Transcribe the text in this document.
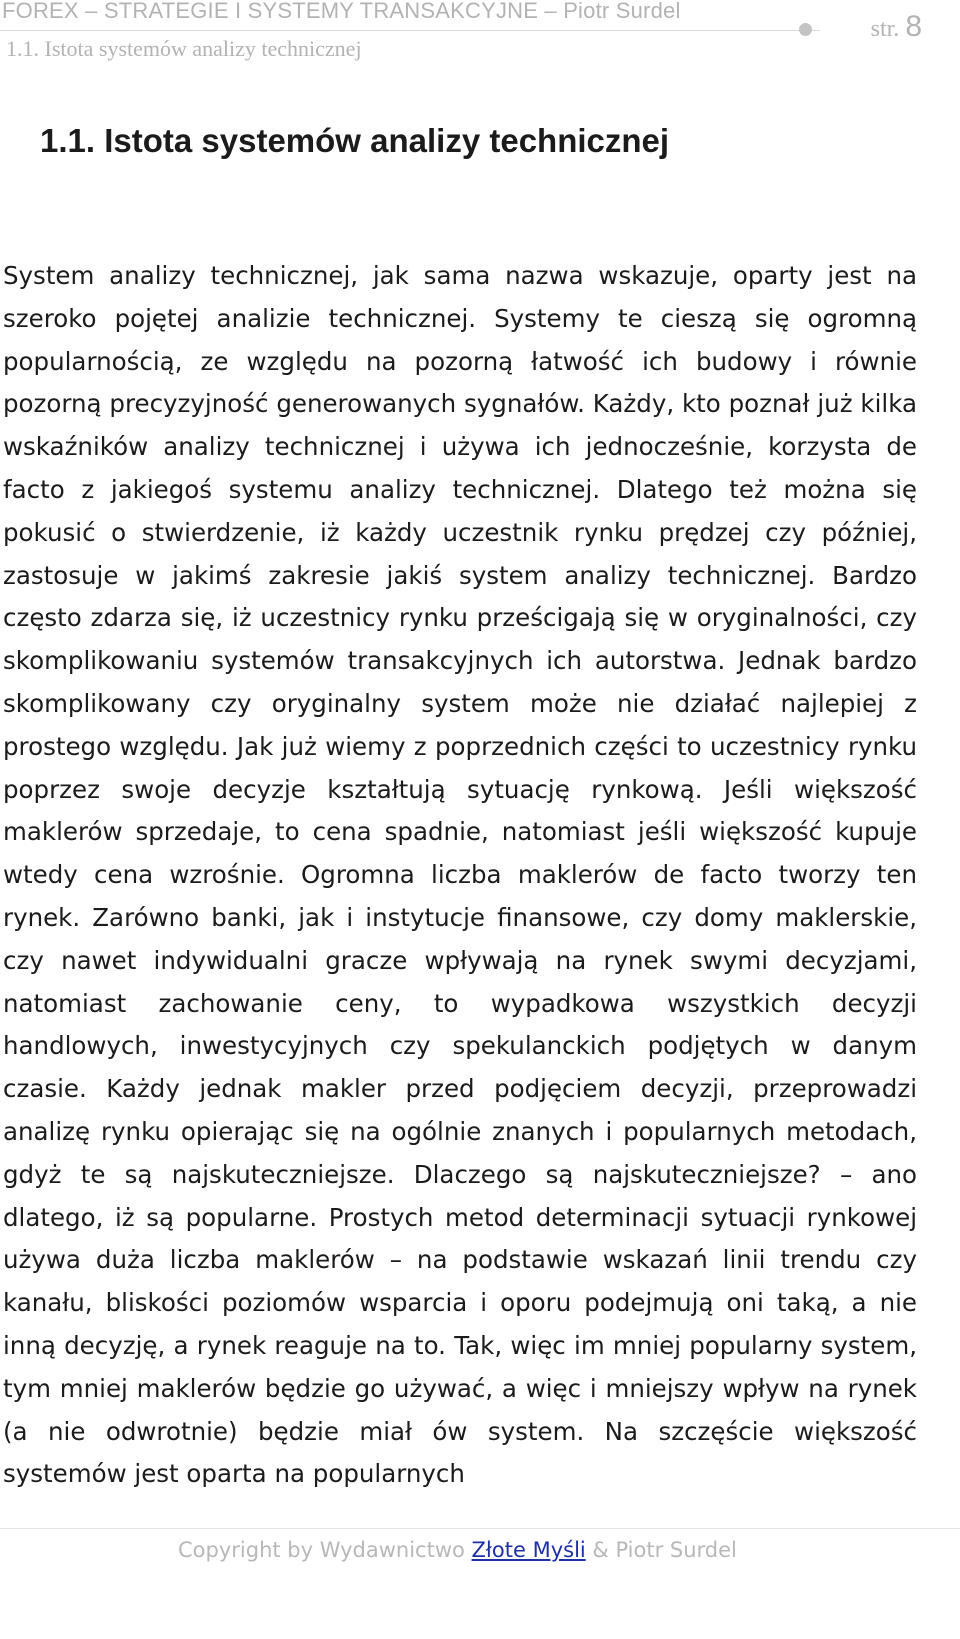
FOREX – STRATEGIE I SYSTEMY TRANSAKCYJNE – Piotr Surdel
1.1. Istota systemów analizy technicznej
str. 8
1.1. Istota systemów analizy technicznej

System analizy technicznej, jak sama nazwa wskazuje, oparty jest na szeroko pojętej analizie technicznej. Systemy te cieszą się ogromną popularnością, ze względu na pozorną łatwość ich budowy i równie pozorną precyzyjność generowanych sygnałów. Każdy, kto poznał już kilka wskaźników analizy technicznej i używa ich jednocześnie, korzysta de facto z jakiegoś systemu analizy technicznej. Dlatego też można się pokusić o stwierdzenie, iż każdy uczestnik rynku prędzej czy później, zastosuje w jakimś zakresie jakiś system analizy technicznej. Bardzo często zdarza się, iż uczestnicy rynku prześcigają się w oryginalności, czy skomplikowaniu systemów transakcyjnych ich autorstwa. Jednak bardzo skomplikowany czy oryginalny system może nie działać najlepiej z prostego względu. Jak już wiemy z poprzednich części to uczestnicy rynku poprzez swoje decyzje kształtują sytuację rynkową. Jeśli większość maklerów sprzedaje, to cena spadnie, natomiast jeśli większość kupuje wtedy cena wzrośnie. Ogromna liczba maklerów de facto tworzy ten rynek. Zarówno banki, jak i instytucje finansowe, czy domy maklerskie, czy nawet indywidualni gracze wpływają na rynek swymi decyzjami, natomiast zachowanie ceny, to wypadkowa wszystkich decyzji handlowych, inwestycyjnych czy spekulanckich podjętych w danym czasie. Każdy jednak makler przed podjęciem decyzji, przeprowadzi analizę rynku opierając się na ogólnie znanych i popularnych metodach, gdyż te są najskuteczniejsze. Dlaczego są najskuteczniejsze? – ano dlatego, iż są popularne. Prostych metod determinacji sytuacji rynkowej używa duża liczba maklerów – na podstawie wskazań linii trendu czy kanału, bliskości poziomów wsparcia i oporu podejmują oni taką, a nie inną decyzję, a rynek reaguje na to. Tak, więc im mniej popularny system, tym mniej maklerów będzie go używać, a więc i mniejszy wpływ na rynek (a nie odwrotnie) będzie miał ów system. Na szczęście większość systemów jest oparta na popularnych

Copyright by Wydawnictwo Złote Myśli & Piotr Surdel
